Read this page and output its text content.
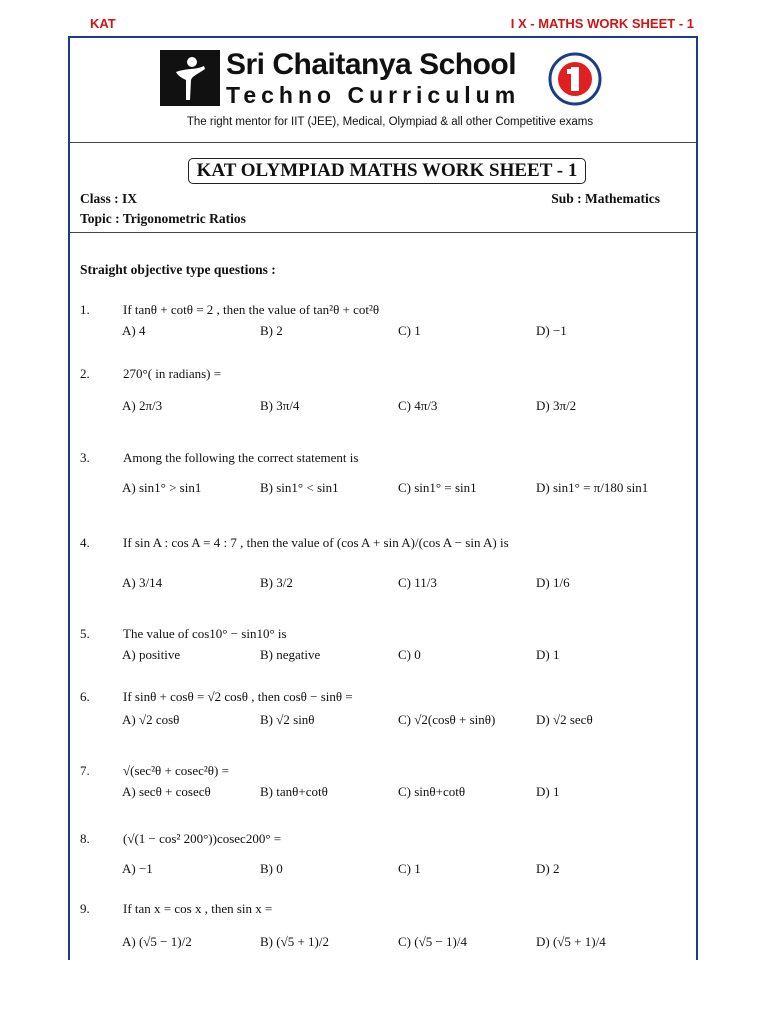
KAT	I X - MATHS WORK SHEET - 1
Sri Chaitanya School
Techno Curriculum
The right mentor for IIT (JEE), Medical, Olympiad & all other Competitive exams
KAT OLYMPIAD MATHS WORK SHEET - 1
Class : IX	Sub : Mathematics
Topic : Trigonometric Ratios
Straight objective type questions :
1.	If tanθ + cotθ = 2 , then the value of tan²θ + cot²θ
A) 4	B) 2	C) 1	D) −1
2.	270°( in radians) =
A) 2π/3	B) 3π/4	C) 4π/3	D) 3π/2
3.	Among the following the correct statement is
A) sin1° > sin1	B) sin1° < sin1	C) sin1° = sin1	D) sin1° = π/180 sin1
4.	If sin A : cos A = 4 : 7 , then the value of (cos A + sin A)/(cos A − sin A) is
A) 3/14	B) 3/2	C) 11/3	D) 1/6
5.	The value of cos10° − sin10° is
A) positive	B) negative	C) 0	D) 1
6.	If sinθ + cosθ = √2 cosθ , then cosθ − sinθ =
A) √2 cosθ	B) √2 sinθ	C) √2(cosθ + sinθ)	D) √2 secθ
7.	√(sec²θ + cosec²θ) =
A) secθ + cosecθ	B) tanθ+cotθ	C) sinθ+cotθ	D) 1
8.	(√(1 − cos² 200°))cosec200° =
A) −1	B) 0	C) 1	D) 2
9.	If tan x = cos x , then sin x =
A) (√5 − 1)/2	B) (√5 + 1)/2	C) (√5 − 1)/4	D) (√5 + 1)/4
